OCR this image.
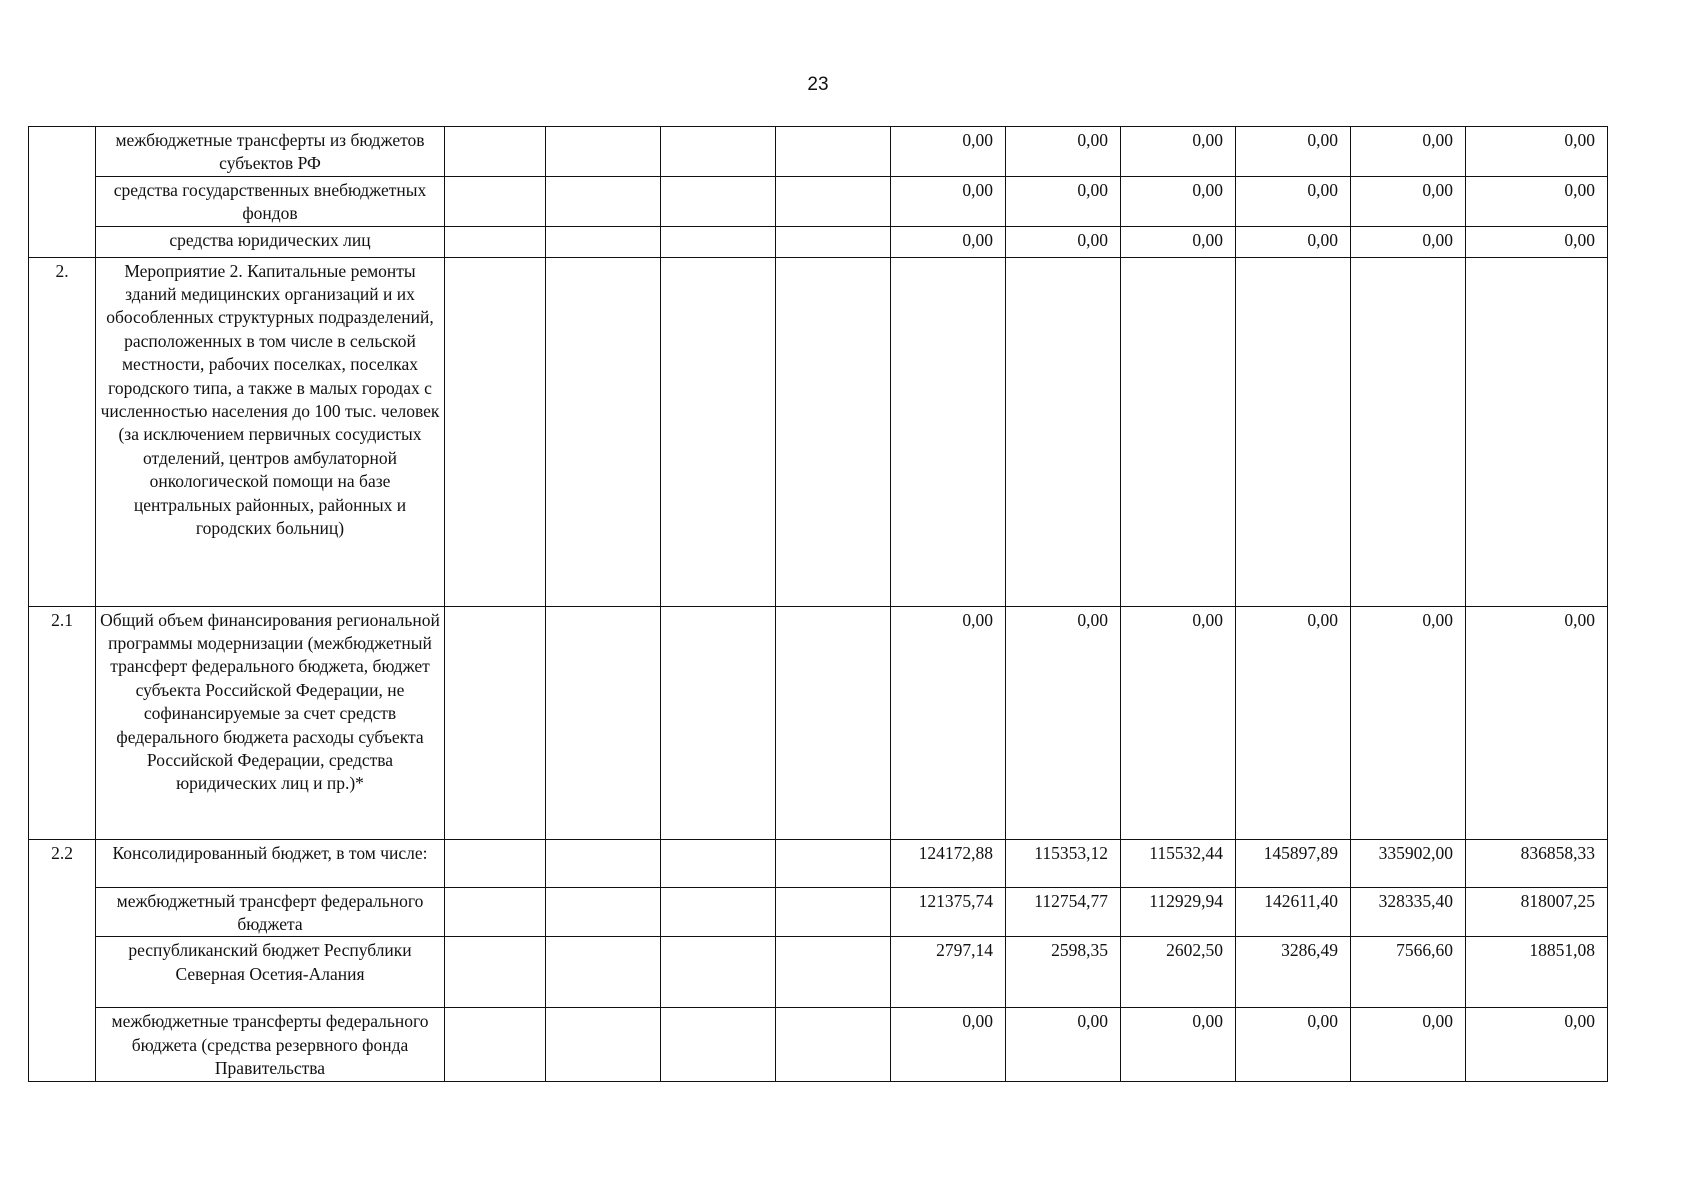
23
	межбюджетные трансферты из бюджетов субъектов РФ					0,00	0,00	0,00	0,00	0,00	0,00
	средства государственных внебюджетных фондов					0,00	0,00	0,00	0,00	0,00	0,00
	средства юридических лиц					0,00	0,00	0,00	0,00	0,00	0,00
2.	Мероприятие 2. Капитальные ремонты зданий медицинских организаций и их обособленных структурных подразделений, расположенных в том числе в сельской местности, рабочих поселках, поселках городского типа, а также в малых городах с численностью населения до 100 тыс. человек (за исключением первичных сосудистых отделений, центров амбулаторной онкологической помощи на базе центральных районных, районных и городских больниц)										
2.1	Общий объем финансирования региональной программы модернизации (межбюджетный трансферт федерального бюджета, бюджет субъекта Российской Федерации, не софинансируемые за счет средств федерального бюджета расходы субъекта Российской Федерации, средства юридических лиц и пр.)*					0,00	0,00	0,00	0,00	0,00	0,00
2.2	Консолидированный бюджет, в том числе:					124172,88	115353,12	115532,44	145897,89	335902,00	836858,33
	межбюджетный трансферт федерального бюджета					121375,74	112754,77	112929,94	142611,40	328335,40	818007,25
	республиканский бюджет Республики Северная Осетия-Алания					2797,14	2598,35	2602,50	3286,49	7566,60	18851,08
	межбюджетные трансферты федерального бюджета (средства резервного фонда Правительства					0,00	0,00	0,00	0,00	0,00	0,00
